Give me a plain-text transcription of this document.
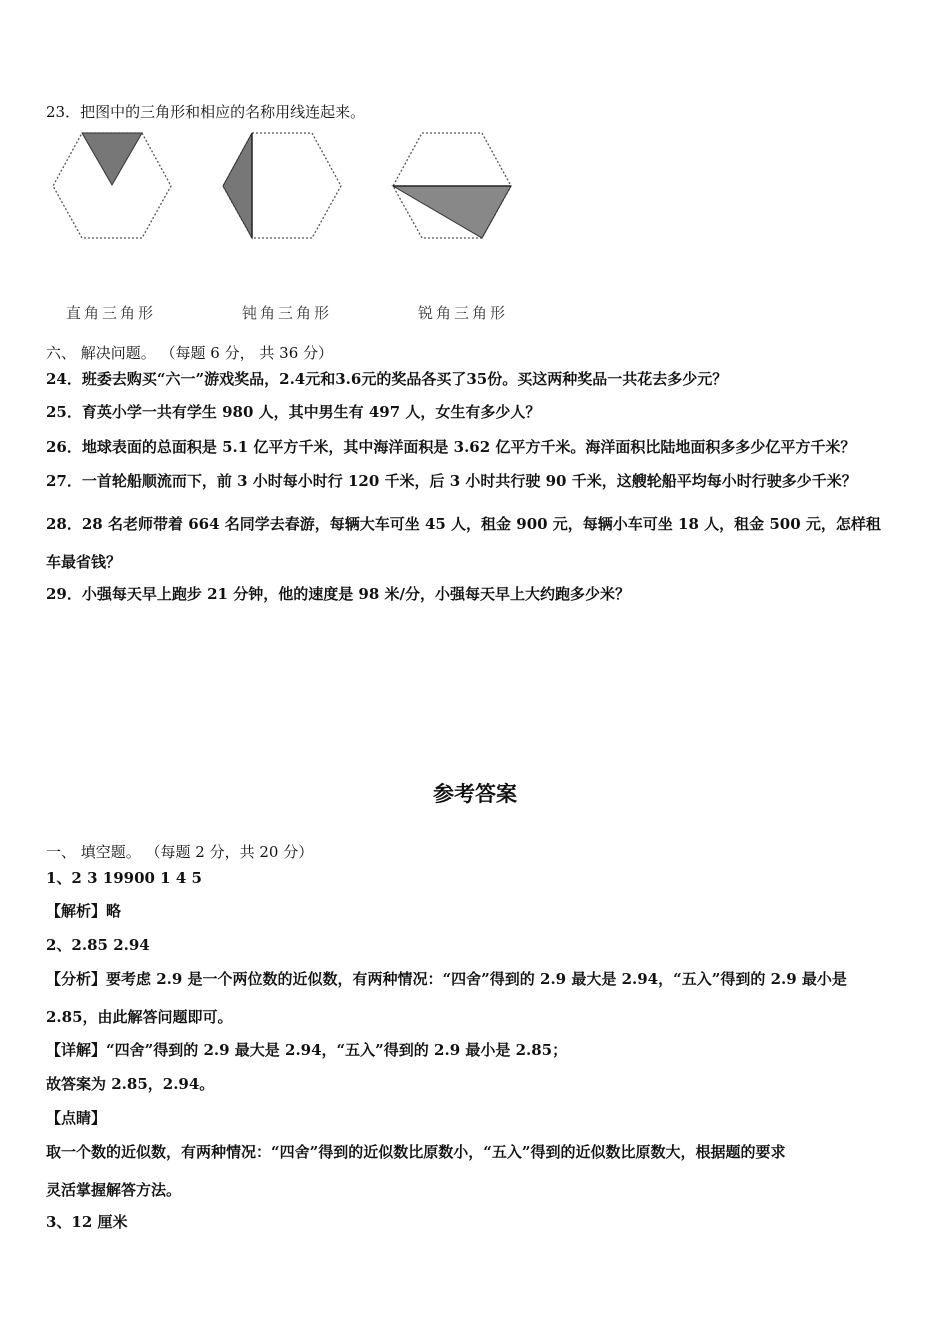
23．把图中的三角形和相应的名称用线连起来。
直角三角形	钝角三角形	锐角三角形
六、 解决问题。 （每题 6 分， 共 36 分）
24．班委去购买“六一”游戏奖品，2.4元和3.6元的奖品各买了35份。买这两种奖品一共花去多少元？
25．育英小学一共有学生 980 人，其中男生有 497 人，女生有多少人？
26．地球表面的总面积是 5.1 亿平方千米，其中海洋面积是 3.62 亿平方千米。海洋面积比陆地面积多多少亿平方千米？
27．一首轮船顺流而下，前 3 小时每小时行 120 千米，后 3 小时共行驶 90 千米，这艘轮船平均每小时行驶多少千米？
28．28 名老师带着 664 名同学去春游，每辆大车可坐 45 人，租金 900 元，每辆小车可坐 18 人，租金 500 元，怎样租
车最省钱？
29．小强每天早上跑步 21 分钟，他的速度是 98 米/分，小强每天早上大约跑多少米？
参考答案
一、 填空题。 （每题 2 分，共 20 分）
1、2 3 19900 1 4 5
【解析】略
2、2.85 2.94
【分析】要考虑 2.9 是一个两位数的近似数，有两种情况：“四舍”得到的 2.9 最大是 2.94，“五入”得到的 2.9 最小是
2.85，由此解答问题即可。
【详解】“四舍”得到的 2.9 最大是 2.94，“五入”得到的 2.9 最小是 2.85；
故答案为 2.85，2.94。
【点睛】
取一个数的近似数，有两种情况：“四舍”得到的近似数比原数小，“五入”得到的近似数比原数大，根据题的要求
灵活掌握解答方法。
3、12 厘米
